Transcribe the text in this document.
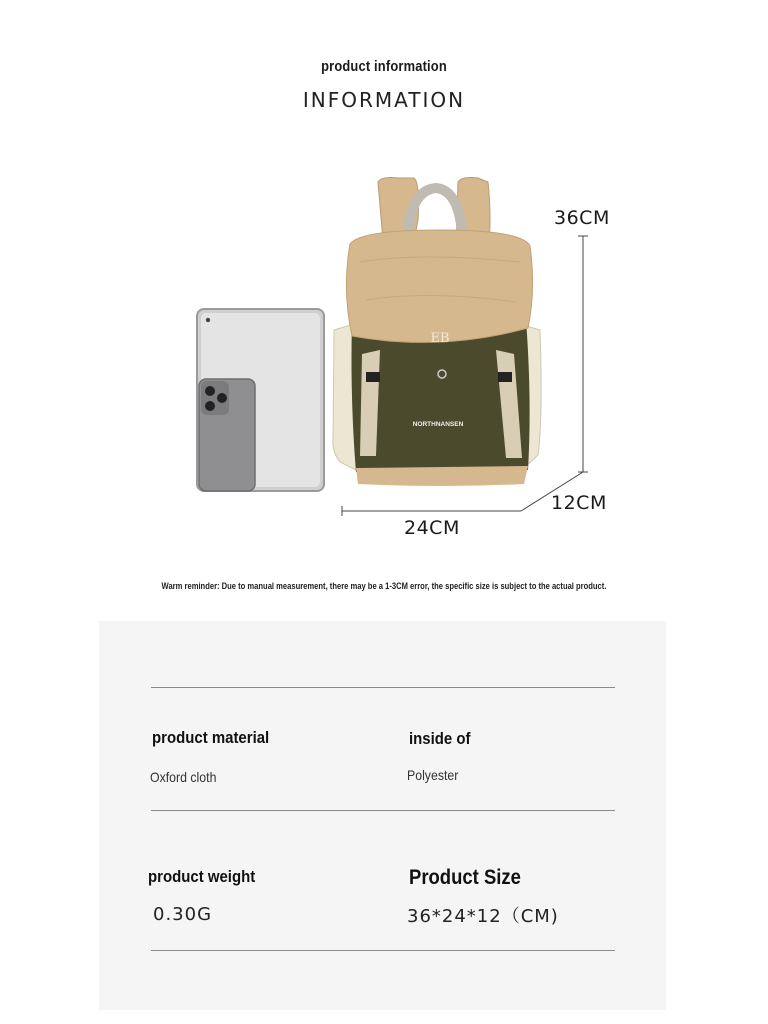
product information
INFORMATION
EB
NORTHNANSEN
36CM
12CM
24CM
Warm reminder: Due to manual measurement, there may be a 1-3CM error, the specific size is subject to the actual product.
product material
Oxford cloth
inside of
Polyester
product weight
0.30G
Product Size
36*24*12（CM)
